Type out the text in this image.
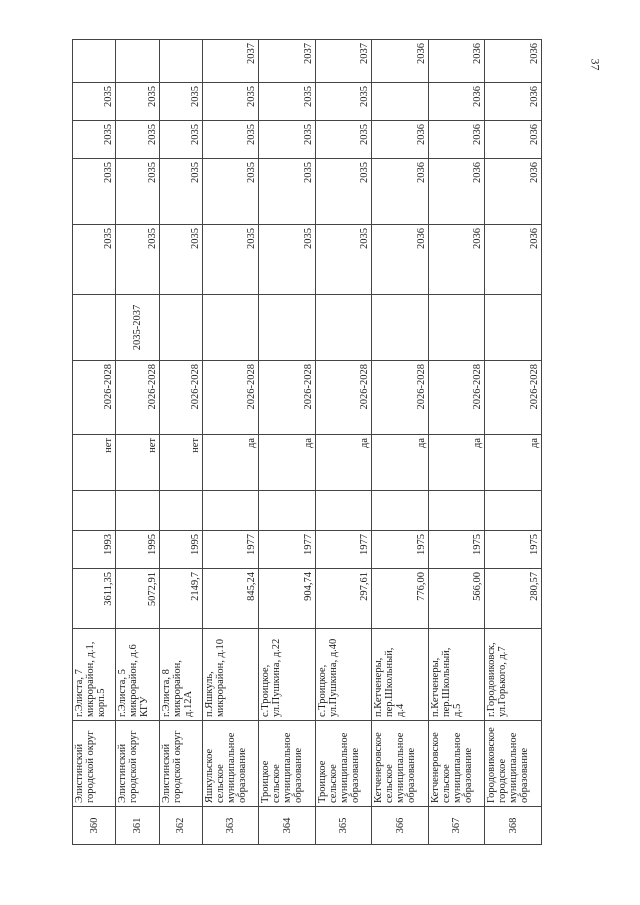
37
360	Элистинский городской округ	г.Элиста, 7 микрорайон, д.1, корп.5	3611,35	1993		нет	2026-2028		2035	2035	2035	2035	
361	Элистинский городской округ	г.Элиста, 5 микрорайон, д.6 КГУ	5072,91	1995		нет	2026-2028	2035-2037	2035	2035	2035	2035	
362	Элистинский городской округ	г.Элиста, 8 микрорайон, д.12А	2149,7	1995		нет	2026-2028		2035	2035	2035	2035	
363	Яшкульское сельское муниципальное образование	п.Яшкуль, микрорайон, д.10	845,24	1977		да	2026-2028		2035	2035	2035	2035	2037
364	Троицкое сельское муниципальное образование	с.Троицкое, ул.Пушкина, д.22	904,74	1977		да	2026-2028		2035	2035	2035	2035	2037
365	Троицкое сельское муниципальное образование	с.Троицкое, ул.Пушкина, д.40	297,61	1977		да	2026-2028		2035	2035	2035	2035	2037
366	Кетченеровское сельское муниципальное образование	п.Кетченеры, пер.Школьный, д.4	776,00	1975		да	2026-2028		2036	2036	2036		2036
367	Кетченеровское сельское муниципальное образование	п.Кетченеры, пер.Школьный, д.5	566,00	1975		да	2026-2028		2036	2036	2036	2036	2036
368	Городовиковское городское муниципальное образование	г.Городовиковск, ул.Горького, д.7	280,57	1975		да	2026-2028		2036	2036	2036	2036	2036
